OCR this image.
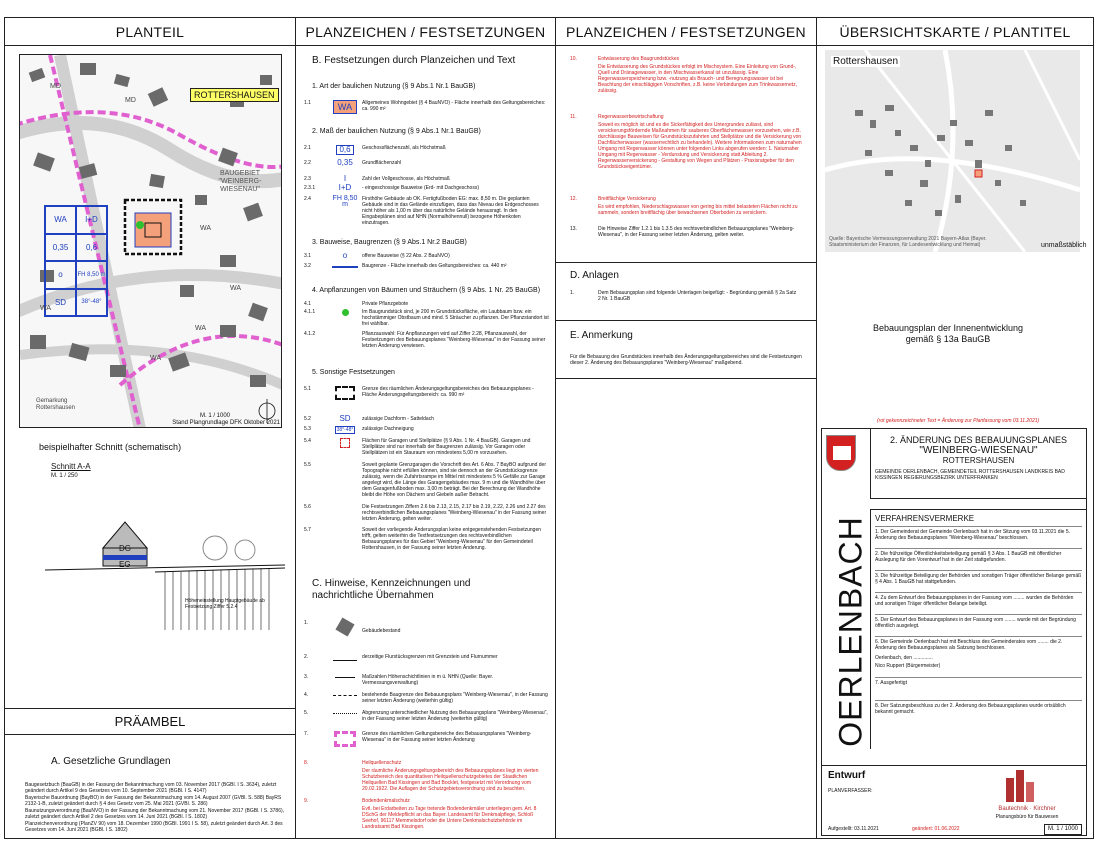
PLANTEIL
ROTTERSHAUSEN
BAUGEBIET "WEINBERG-WIESENAU"
WA	I+D
0,35	0,6
o	FH 8,50 m
SD	38°-48°
MD
MD
WA
WA
WA
WA
WA
Gemarkung Rottershausen
M. 1 / 1000
Stand Plangrundlage DFK Oktober 2021
beispielhafter Schnitt (schematisch)
Schnitt A-A
M. 1 / 250
DG
EG
Höheneinstellung Hauptgebäude ab Festsetzung Ziffer 5.2.4
PRÄAMBEL
A. Gesetzliche Grundlagen
Baugesetzbuch (BauGB) in der Fassung der Bekanntmachung vom 03. November 2017 (BGBl. I S. 3634), zuletzt geändert durch Artikel 9 des Gesetzes vom 10. September 2021 (BGBl. I S. 4147)
Bayerische Bauordnung (BayBO) in der Fassung der Bekanntmachung vom 14. August 2007 (GVBl. S. 588) BayRS 2132-1-B, zuletzt geändert durch § 4 des Gesetz vom 25. Mai 2021 (GVBl. S. 286)
Baunutzungsverordnung (BauNVO) in der Fassung der Bekanntmachung vom 21. November 2017 (BGBl. I S. 3786), zuletzt geändert durch Artikel 2 des Gesetzes vom 14. Juni 2021 (BGBl. I S. 1802)
Planzeichenverordnung (PlanZV 90) vom 18. Dezember 1990 (BGBl. 1991 I S. 58), zuletzt geändert durch Art. 3 des Gesetzes vom 14. Juni 2021 (BGBl. I S. 1802)
PLANZEICHEN / FESTSETZUNGEN
B. Festsetzungen durch Planzeichen und Text
1. Art der baulichen Nutzung (§ 9 Abs.1 Nr.1 BauGB)
1.1	WA	Allgemeines Wohngebiet (§ 4 BauNVO) - Fläche innerhalb des Geltungsbereiches: ca. 990 m²
2. Maß der baulichen Nutzung (§ 9 Abs.1 Nr.1 BauGB)
2.1	0,6	Geschossflächenzahl, als Höchstmaß
2.2	0,35 Grundflächenzahl
2.3	I	Zahl der Vollgeschosse, als Höchstmaß
2.3.1	I+D - eingeschossige Bauweise (Erd- mit Dachgeschoss)
2.4	FH 8,50 m
Firsthöhe Gebäude ab OK. Fertigfußboden EG: max. 8,50 m. Die geplanten Gebäude sind in das Gelände einzufügen, dass das Niveau des Erdgeschosses nicht höher als 1,00 m über das natürliche Gelände herausragt. In den Eingabeplänen sind auf NHN (Normalhöhennull) bezogene Höhenkoten einzutragen.
3. Bauweise, Baugrenzen (§ 9 Abs.1 Nr.2 BauGB)
3.1	o	offene Bauweise (§ 22 Abs. 2 BauNVO)
3.2	Baugrenze - Fläche innerhalb des Geltungsbereiches: ca. 440 m²
4. Anpflanzungen von Bäumen und Sträuchern (§ 9 Abs. 1 Nr. 25 BauGB)
4.1	Private Pflanzgebote
4.1.1	Im Baugrundstück sind, je 200 m Grundstücksfläche, ein Laubbaum bzw. ein hochstämmiger Obstbaum und mind. 5 Sträucher zu pflanzen. Der Pflanzstandort ist frei wählbar.
4.1.2	Pflanzauswahl: Für Anpflanzungen wird auf Ziffer 2.28, Pflanzauswahl, der Festsetzungen des Bebauungsplanes "Weinberg-Wiesenau" in der Fassung seiner letzten Änderung verwiesen.
5. Sonstige Festsetzungen
5.1	Grenze des räumlichen Änderungsgeltungsbereiches des Bebauungsplanes - Fläche Änderungsgeltungsbereich: ca. 990 m²
5.2	SD zulässige Dachform - Satteldach
5.3	38°-48°	zulässige Dachneigung
5.4	Flächen für Garagen und Stellplätze (§ 9 Abs. 1 Nr. 4 BauGB). Garagen und Stellplätze sind nur innerhalb der Baugrenzen zulässig. Vor Garagen oder Stellplätzen ist ein Stauraum von mindestens 5,00 m vorzusehen.
5.5	Soweit geplante Grenzgaragen die Vorschrift des Art. 6 Abs. 7 BayBO aufgrund der Topographie nicht erfüllen können, sind sie dennoch an der Grundstücksgrenze zulässig, wenn die Zufahrtsrampe im Mittel mit mindestens 5 % Gefälle zur Garage angelegt wird, die Länge des Garagengebäudes max. 9 m und die Wandhöhe über dem Garagenfußboden max. 3,00 m beträgt. Bei der Berechnung der Wandhöhe bleibt die Höhe von Dächern und Giebeln außer Betracht.
5.6	Die Festsetzungen Ziffern 2.6 bis 2.13, 2.15, 2.17 bis 2.19, 2.22, 2.26 und 2.27 des rechtsverbindlichen Bebauungsplanes "Weinberg-Wiesenau" in der Fassung seiner letzten Änderung, gelten weiter.
5.7	Soweit der vorliegende Änderungsplan keine entgegenstehenden Festsetzungen trifft, gelten weiterhin die Textfestsetzungen des rechtsverbindlichen Bebauungsplanes für das Gebiet "Weinberg-Wiesenau" für den Gemeindeteil Rottershausen, in der Fassung seiner letzten Änderung.
C. Hinweise, Kennzeichnungen und nachrichtliche Übernahmen
1.
Gebäudebestand
2.	derzeitige Flurstücksgrenzen mit Grenzstein und Flurnummer
3.	Maßzahlen Höhenschichtlinien in m ü. NHN (Quelle: Bayer. Vermessungsverwaltung)
4.	bestehende Baugrenze des Bebauungsplans "Weinberg-Wiesenau", in der Fassung seiner letzten Änderung (weiterhin gültig)
5.	Abgrenzung unterschiedlicher Nutzung des Bebauungsplans "Weinberg-Wiesenau", in der Fassung seiner letzten Änderung (weiterhin gültig)
7.	Grenze des räumlichen Geltungsbereiche des Bebauungsplanes "Weinberg-Wiesenau" in der Fassung seiner letzten Änderung
8.	Heilquellenschutz
Der räumliche Änderungsgeltungsbereich des Bebauungsplanes liegt im vierten Schutzbereich des quantitativen Heilquellenschutzgebietes der Staatlichen Heilquellen Bad Kissingen und Bad Bocklet, festgesetzt mit Verordnung vom 20.02.1922. Die Auflagen der Schutzgebietsverordnung sind zu beachten.
9.	Bodendenkmalschutz
Evtl. bei Erdarbeiten zu Tage tretende Bodendenkmäler unterliegen gem. Art. 8 DSchG der Meldepflicht an das Bayer. Landesamt für Denkmalpflege, Schloß Seehof, 96117 Memmelsdorf oder die Untere Denkmalschutzbehörde im Landratsamt Bad Kissingen.
PLANZEICHEN / FESTSETZUNGEN
10.	Entwässerung des Baugrundstückes
Die Entwässerung des Grundstückes erfolgt im Mischsystem. Eine Einleitung von Grund-, Quell und Dränagewasser, in den Mischwasserkanal ist unzulässig. Eine Regenwasserspeicherung bzw. -nutzung als Brauch- und Beregnungswasser ist bei Beachtung der einschlägigen Vorschriften, z.B. keine Verbindungen zum Trinkwassernetz, zulässig.
11.	Regenwasserbewirtschaftung
Soweit es möglich ist und es die Sickerfähigkeit des Untergrundes zulässt, sind versickerungsfördernde Maßnahmen für sauberes Oberflächenwasser vorzusehen, wie z.B. durchlässige Bauweisen für Grundstückszufahrten und Stellplätze und die Versickerung von Dachflächenwasser (wasserrechtlich zu behandeln). Weitere Informationen zum naturnahen Umgang mit Regenwasser können unter folgenden Links abgerufen werden: 1. Naturnaher Umgang mit Regenwasser - Verdunstung und Versickerung statt Ableitung 2. Regenwasserversickerung - Gestaltung von Wegen und Plätzen - Praxisratgeber für den Grundstückseigentümer.
12.	Breitflächige Versickerung
Es wird empfohlen, Niederschlagswasser von gering bis mittel belasteten Flächen nicht zu sammeln, sondern breitflächig über bewachsenen Oberboden zu versickern.
13.	Die Hinweise Ziffer 1.2.1 bis 1.3.5 des rechtsverbindlichen Bebauungsplanes "Weinberg-Wiesenau", in der Fassung seiner letzten Änderung, gelten weiter.
D. Anlagen
1.	Dem Bebauungsplan sind folgende Unterlagen beigefügt: - Begründung gemäß § 2a Satz 2 Nr. 1 BauGB
E. Anmerkung
Für die Bebauung des Grundstückes innerhalb des Änderungsgeltungsbereiches sind die Festsetzungen dieser 2. Änderung des Bebauungsplanes "Weinberg-Wiesenau" maßgebend.
ÜBERSICHTSKARTE / PLANTITEL
Rottershausen
Quelle: Bayerische Vermessungsverwaltung 2021 Bayern-Atlas (Bayer. Staatsministerium der Finanzen, für Landesentwicklung und Heimat)	unmaßstäblich
Bebauungsplan der Innenentwicklung gemäß § 13a BauGB
(rot gekennzeichneter Text = Änderung zur Planfassung vom 03.11.2021)
OERLENBACH
2. ÄNDERUNG DES BEBAUUNGSPLANES
"WEINBERG-WIESENAU"
ROTTERSHAUSEN
GEMEINDE OERLENBACH, GEMEINDETEIL ROTTERSHAUSEN LANDKREIS BAD KISSINGEN REGIERUNGSBEZIRK UNTERFRANKEN
VERFAHRENSVERMERKE
1. Der Gemeinderat der Gemeinde Oerlenbach hat in der Sitzung vom 03.11.2021 die 5. Änderung des Bebauungsplanes "Weinberg-Wiesenau" beschlossen.
2. Die frühzeitige Öffentlichkeitsbeteiligung gemäß § 3 Abs. 1 BauGB mit öffentlicher Auslegung für den Vorentwurf hat in der Zeit stattgefunden.
3. Die frühzeitige Beteiligung der Behörden und sonstigen Träger öffentlicher Belange gemäß § 4 Abs. 1 BauGB hat stattgefunden.
4. Zu dem Entwurf des Bebauungsplanes in der Fassung vom ........ wurden die Behörden und sonstigen Träger öffentlicher Belange beteiligt.
5. Der Entwurf des Bebauungsplanes in der Fassung vom ........ wurde mit der Begründung öffentlich ausgelegt.
6. Die Gemeinde Oerlenbach hat mit Beschluss des Gemeinderates vom ........ die 2. Änderung des Bebauungsplanes als Satzung beschlossen.
Oerlenbach, den ..............
Nico Ruppert (Bürgermeister)
7. Ausgefertigt
8. Der Satzungsbeschluss zu der 2. Änderung des Bebauungsplanes wurde ortsüblich bekannt gemacht.
Entwurf
PLANVERFASSER:
Bautechnik · Kirchner
Planungsbüro für Bauwesen
Aufgestellt: 03.11.2021	geändert: 01.06.2022	M. 1 / 1000
